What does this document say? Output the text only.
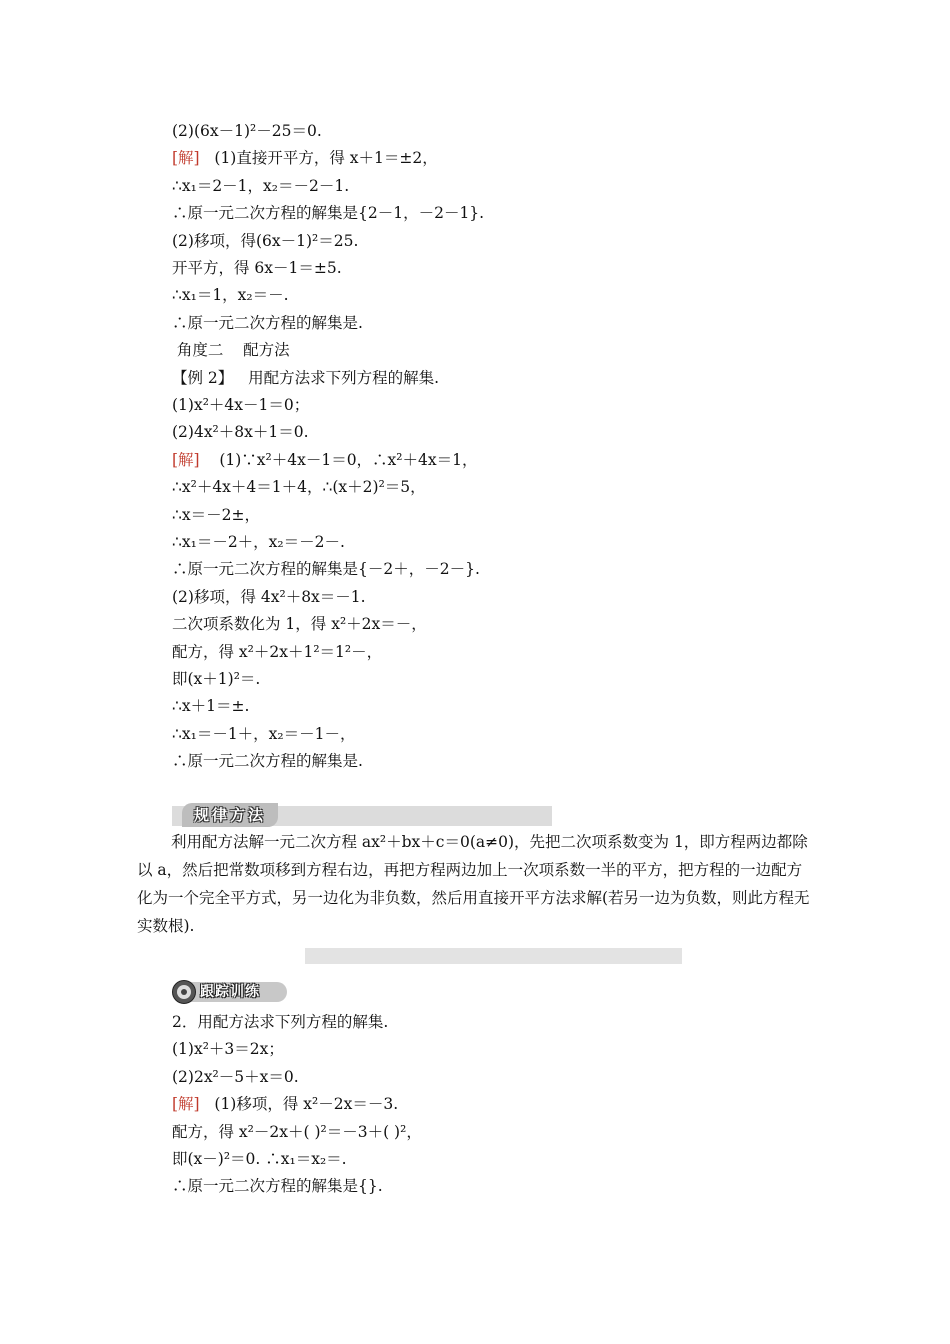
(2)(6x－1)²－25＝0.
[解]   (1)直接开平方，得 x＋1＝±2，
∴x₁＝2－1，x₂＝－2－1.
∴原一元二次方程的解集是{2－1，－2－1}.
(2)移项，得(6x－1)²＝25.
开平方，得 6x－1＝±5.
∴x₁＝1，x₂＝－.
∴原一元二次方程的解集是.
角度二    配方法
【例 2】   用配方法求下列方程的解集.
(1)x²＋4x－1＝0；
(2)4x²＋8x＋1＝0.
[解]    (1)∵x²＋4x－1＝0，∴x²＋4x＝1，
∴x²＋4x＋4＝1＋4，∴(x＋2)²＝5，
∴x＝－2±，
∴x₁＝－2＋，x₂＝－2－.
∴原一元二次方程的解集是{－2＋，－2－}.
(2)移项，得 4x²＋8x＝－1.
二次项系数化为 1，得 x²＋2x＝－，
配方，得 x²＋2x＋1²＝1²－，
即(x＋1)²＝.
∴x＋1＝±.
∴x₁＝－1＋，x₂＝－1－，
∴原一元二次方程的解集是.
规律方法
利用配方法解一元二次方程 ax²＋bx＋c＝0(a≠0)，先把二次项系数变为 1，即方程两边都除以 a，然后把常数项移到方程右边，再把方程两边加上一次项系数一半的平方，把方程的一边配方化为一个完全平方式，另一边化为非负数，然后用直接开平方法求解(若另一边为负数，则此方程无实数根).
跟踪训练
2．用配方法求下列方程的解集.
(1)x²＋3＝2x；
(2)2x²－5＋x＝0.
[解]   (1)移项，得 x²－2x＝－3.
配方，得 x²－2x＋( )²＝－3＋( )²，
即(x－)²＝0. ∴x₁＝x₂＝.
∴原一元二次方程的解集是{}.
